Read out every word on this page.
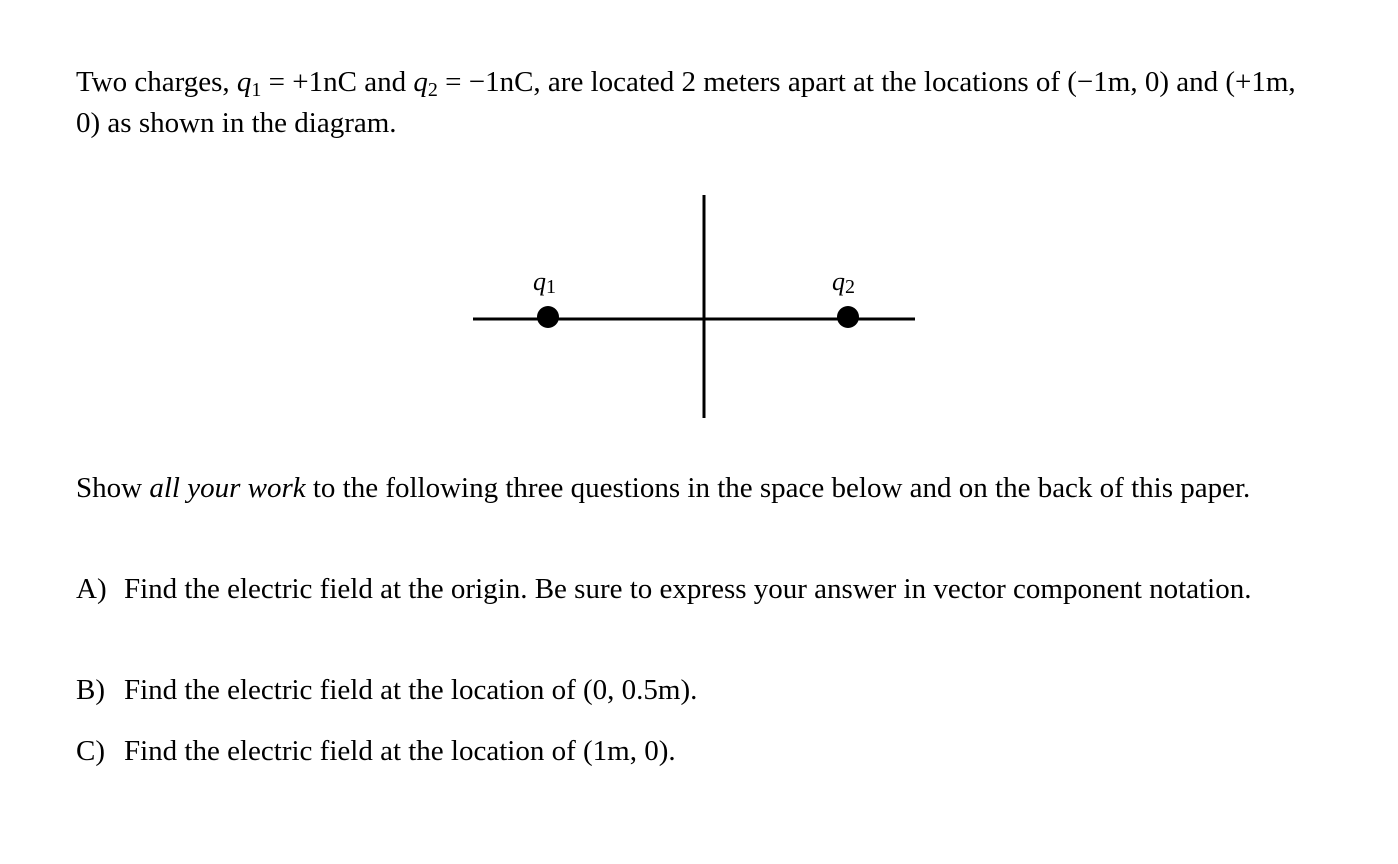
Two charges, $q_1 = +1nC$ and $q_2 = -1nC$, are located 2 meters apart at the locations of (−1m, 0) and (+1m, 0) as shown in the diagram.

q1	q2

Show all your work to the following three questions in the space below and on the back of this paper.

A) Find the electric field at the origin. Be sure to express your answer in vector component notation.

B) Find the electric field at the location of (0, 0.5m).

C) Find the electric field at the location of (1m, 0).
